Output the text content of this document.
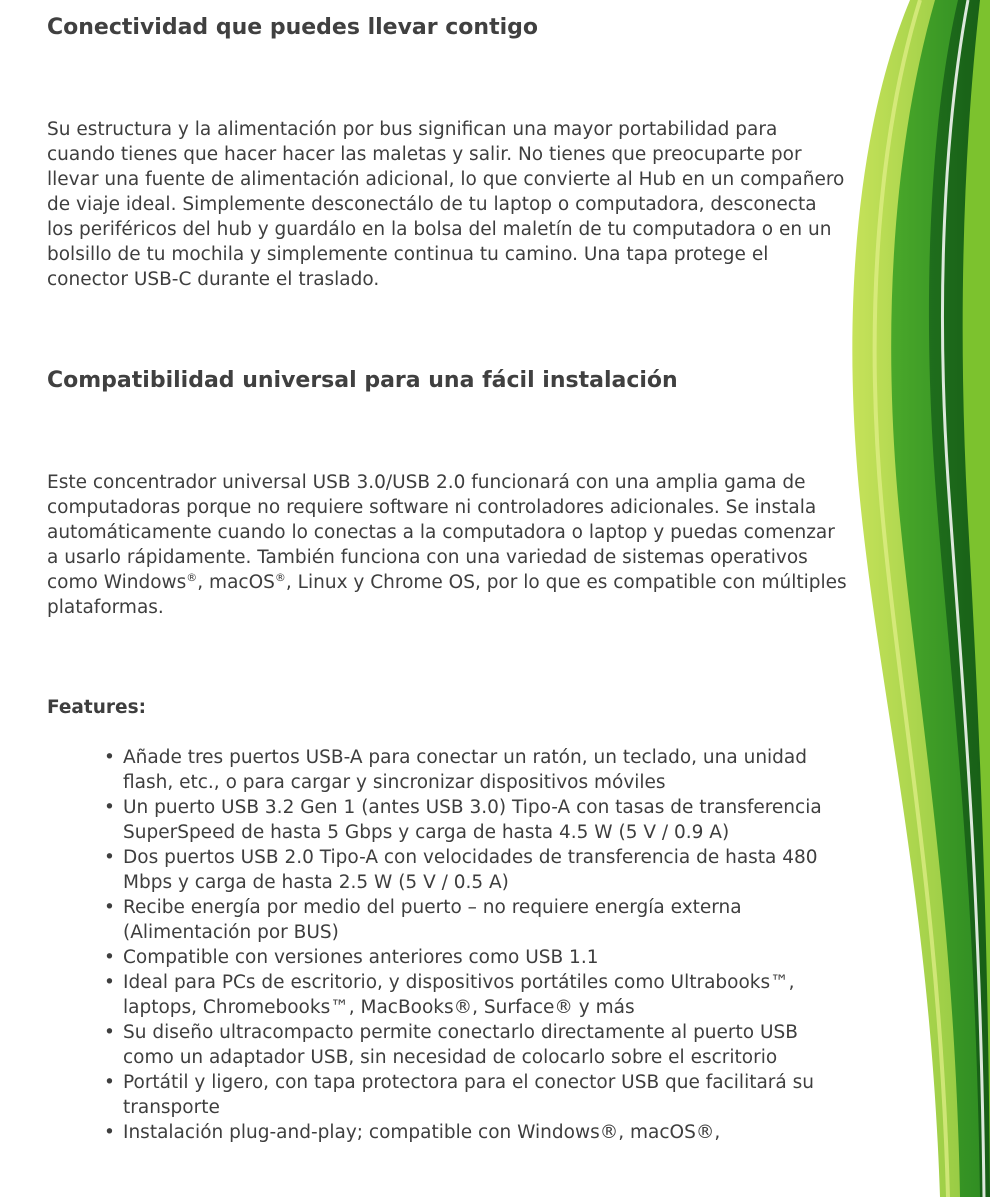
Conectividad que puedes llevar contigo

Su estructura y la alimentación por bus significan una mayor portabilidad para cuando tienes que hacer hacer las maletas y salir. No tienes que preocuparte por llevar una fuente de alimentación adicional, lo que convierte al Hub en un compañero de viaje ideal. Simplemente desconectálo de tu laptop o computadora, desconecta los periféricos del hub y guardálo en la bolsa del maletín de tu computadora o en un bolsillo de tu mochila y simplemente continua tu camino. Una tapa protege el conector USB-C durante el traslado.

Compatibilidad universal para una fácil instalación

Este concentrador universal USB 3.0/USB 2.0 funcionará con una amplia gama de computadoras porque no requiere software ni controladores adicionales. Se instala automáticamente cuando lo conectas a la computadora o laptop y puedas comenzar a usarlo rápidamente. También funciona con una variedad de sistemas operativos como Windows®, macOS®, Linux y Chrome OS, por lo que es compatible con múltiples plataformas.

Features:
• Añade tres puertos USB-A para conectar un ratón, un teclado, una unidad flash, etc., o para cargar y sincronizar dispositivos móviles
• Un puerto USB 3.2 Gen 1 (antes USB 3.0) Tipo-A con tasas de transferencia SuperSpeed de hasta 5 Gbps y carga de hasta 4.5 W (5 V / 0.9 A)
• Dos puertos USB 2.0 Tipo-A con velocidades de transferencia de hasta 480 Mbps y carga de hasta 2.5 W (5 V / 0.5 A)
• Recibe energía por medio del puerto – no requiere energía externa (Alimentación por BUS)
• Compatible con versiones anteriores como USB 1.1
• Ideal para PCs de escritorio, y dispositivos portátiles como Ultrabooks™, laptops, Chromebooks™, MacBooks®, Surface® y más
• Su diseño ultracompacto permite conectarlo directamente al puerto USB como un adaptador USB, sin necesidad de colocarlo sobre el escritorio
• Portátil y ligero, con tapa protectora para el conector USB que facilitará su transporte
• Instalación plug-and-play; compatible con Windows®, macOS®,
